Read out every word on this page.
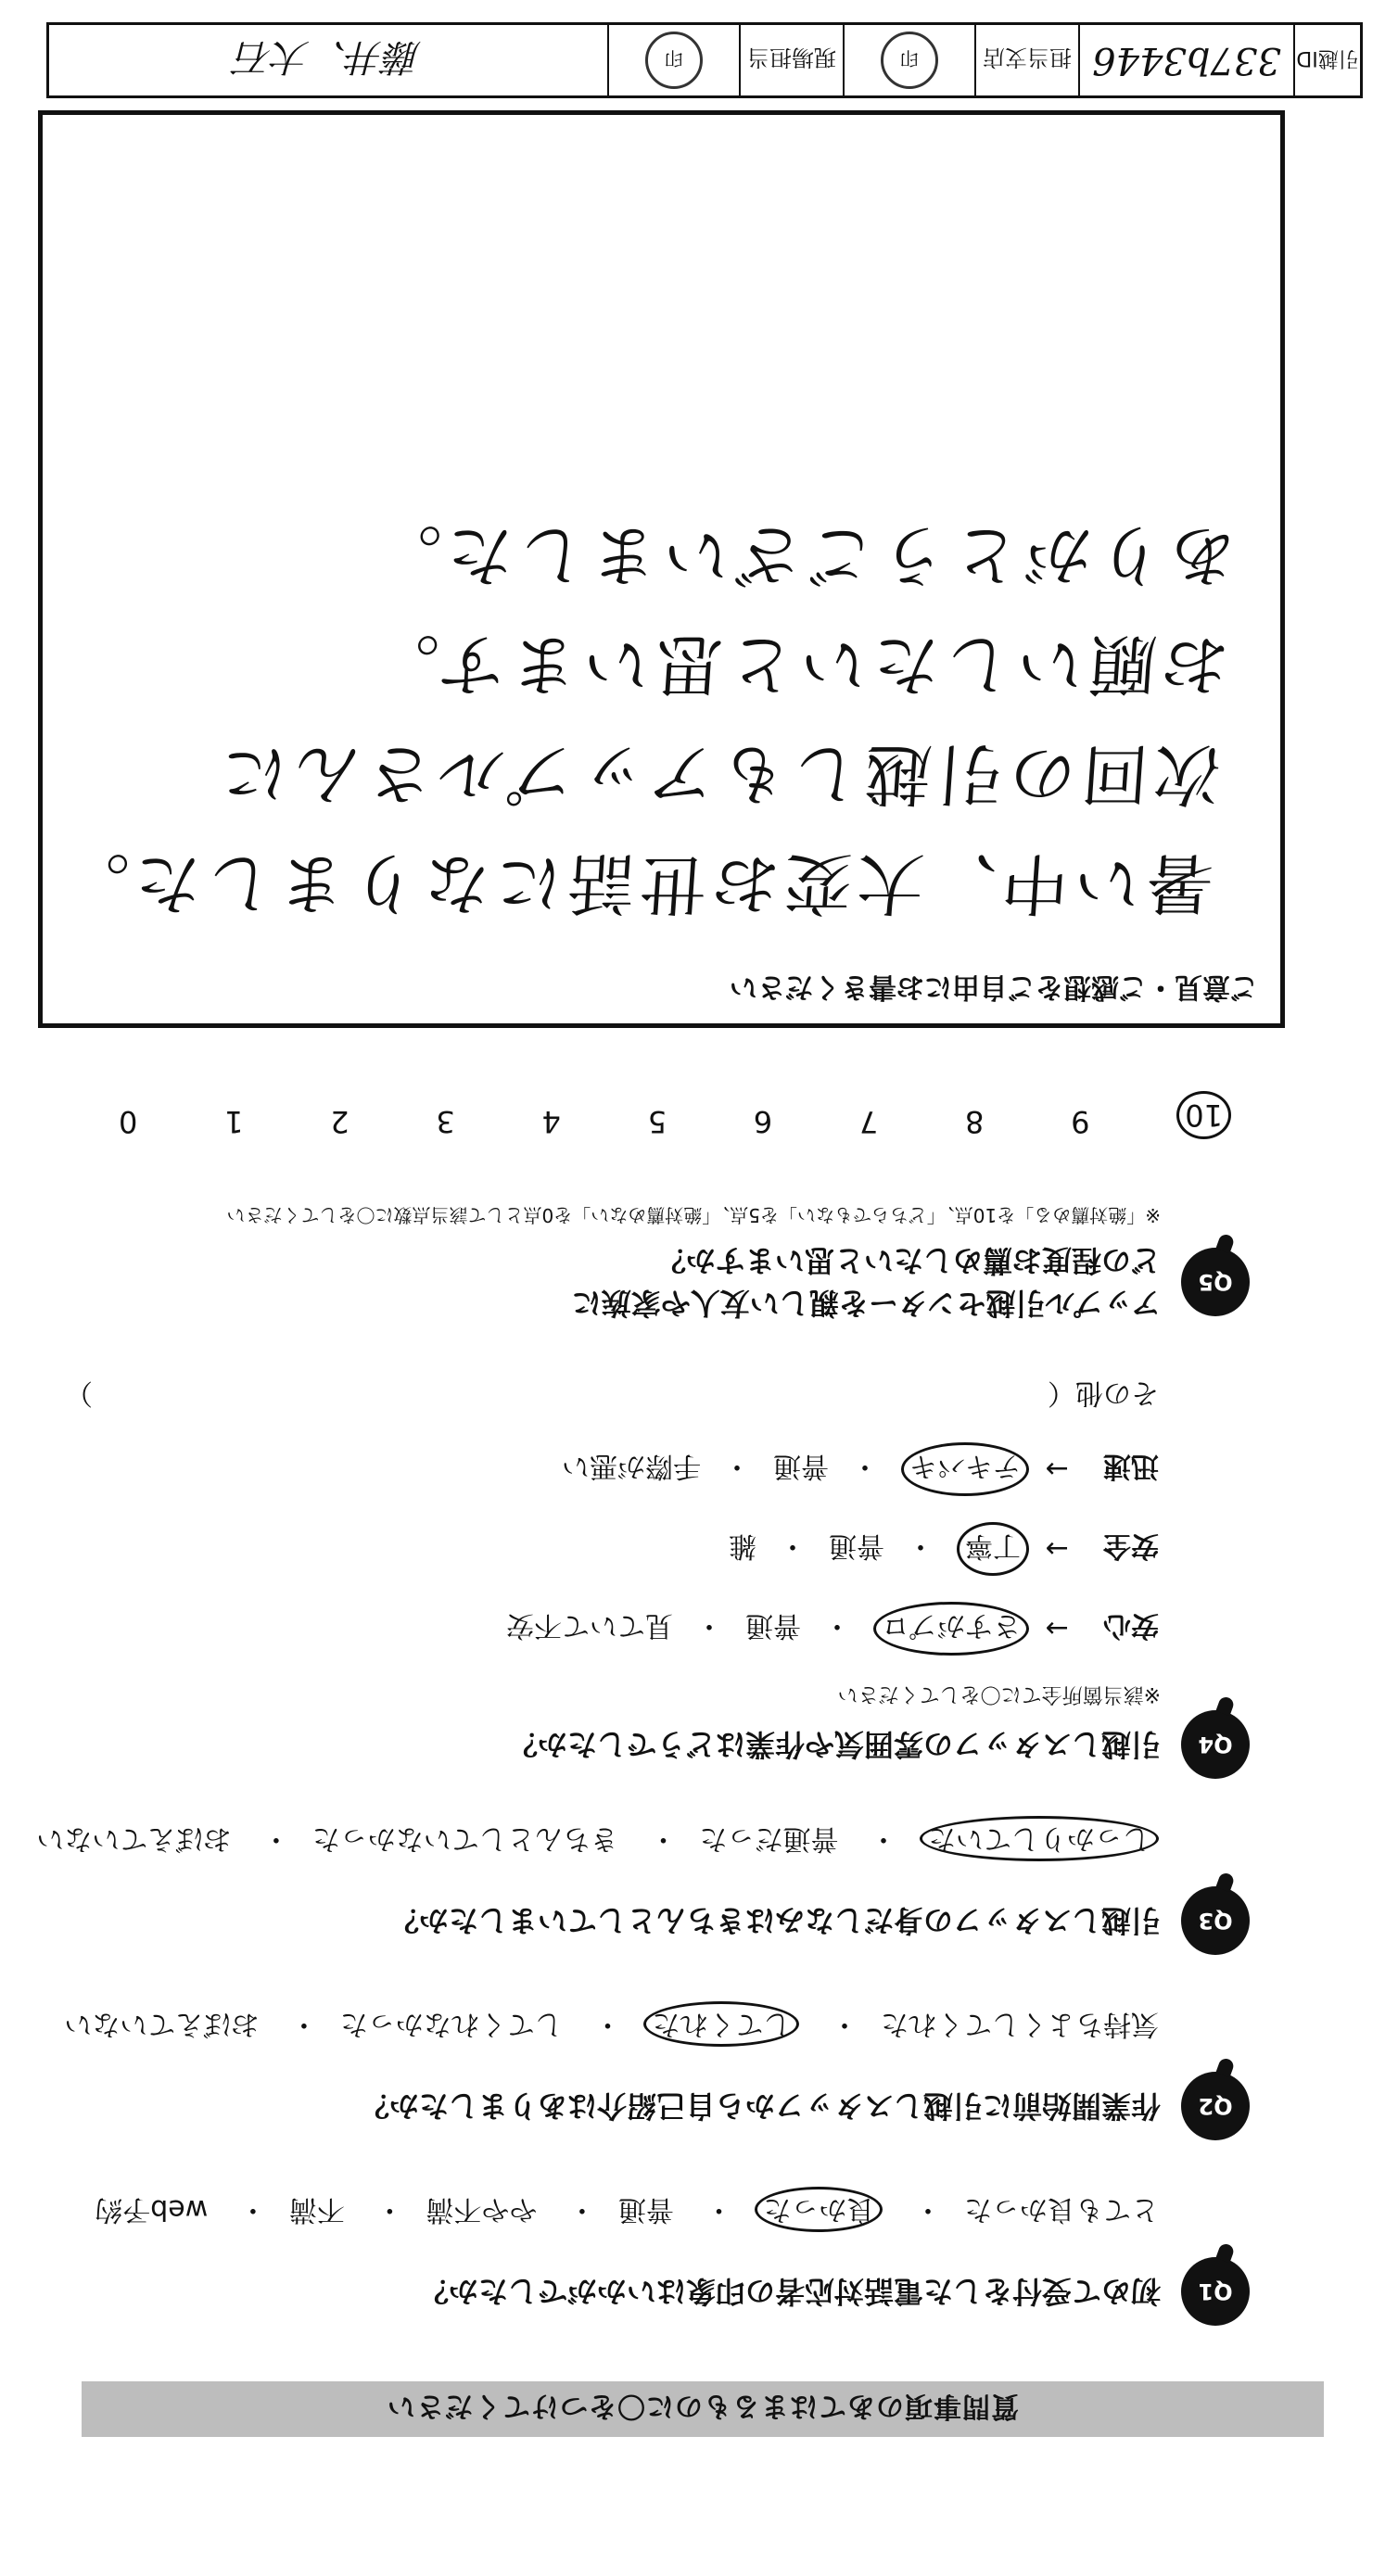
質問事項のあてはまるものに〇をつけてください
Q1
初めて受付をした電話対応者の印象はいかがでしたか？
とても良かった・ 良かった・ 普通・ やや不満・ 不満・ web予約
Q2
作業開始前に引越しスタッフから自己紹介はありましたか？
気持ちよくしてくれた・ してくれた・ してくれなかった・ おぼえていない
Q3
引越しスタッフの身だしなみはきちんとしていましたか？
しっかりしていた・ 普通だった・ きちんとしていなかった・ おぼえていない
Q4
引越しスタッフの雰囲気や作業はどうでしたか？
※該当箇所全てに〇をしてください
安心
→
さすがプロ
・
普通
・
見ていて不安
安全
→
丁寧
・
普通
・
雑
迅速
→
テキパキ
・
普通
・
手際が悪い
その他（
）
Q5
アップル引越センターを親しい友人や家族に
どの程度お薦めしたいと思いますか？
※「絶対薦める」を10点、「どちらでもない」を5点、「絶対薦めない」を0点として該当点数に〇をしてください
10
9
8
7
6
5
4
3
2
1
0
ご意見・ご感想をご自由にお書きください
暑い中、大変お世話になりました。
次回の引越しもアップルさんに
お願いしたいと思います。
ありがとうございました。
引越ID
337b3446
担当支店
印
現場担当
印
藤井、大石
